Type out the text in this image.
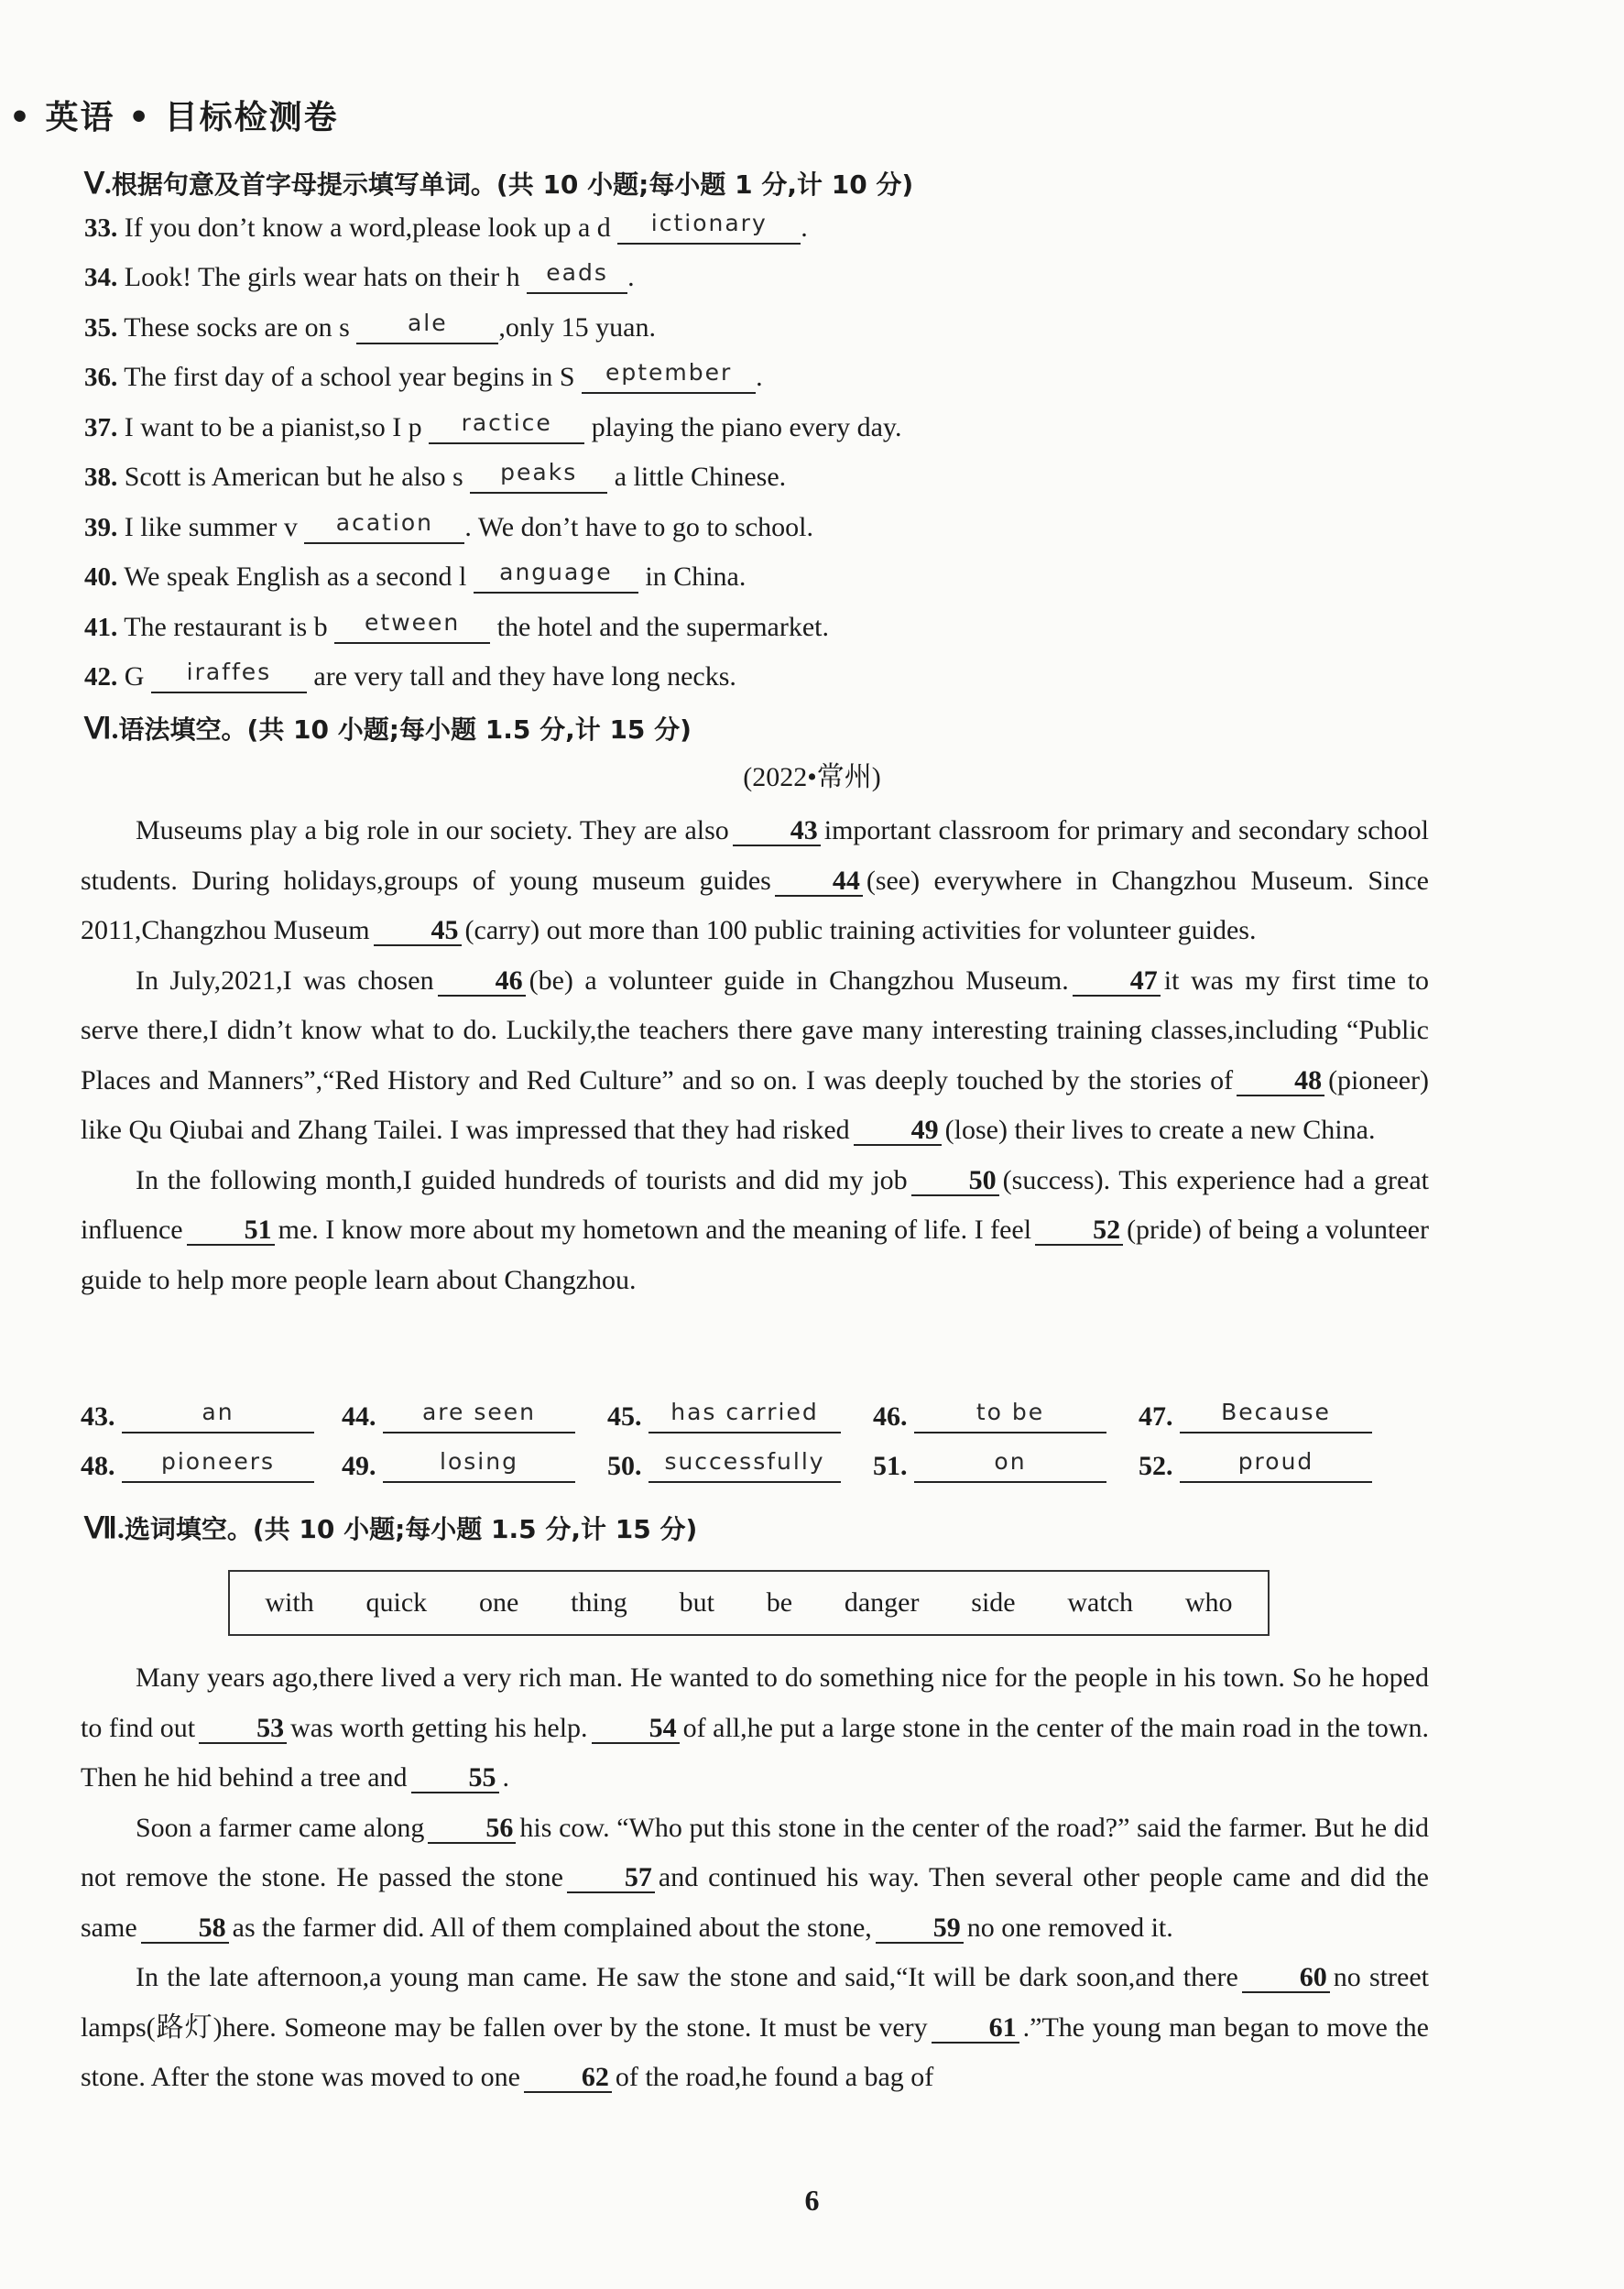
• 英语 • 目标检测卷
Ⅴ.根据句意及首字母提示填写单词。(共 10 小题;每小题 1 分,计 10 分)
33. If you don’t know a word,please look up a d $^{ictionary}$ .
34. Look! The girls wear hats on their h $^{eads}$ .
35. These socks are on s	$^{ale}$ ,only 15 yuan.
36. The first day of a school year begins in S $^{eptember}$ .
37. I want to be a pianist,so I p $^{ractice}$ playing the piano every day.
38. Scott is American but he also s $^{peaks}$ a little Chinese.
39. I like summer v $^{acation}$ . We don’t have to go to school.
40. We speak English as a second l $^{anguage}$ in China.
41. The restaurant is b $^{etween}$ the hotel and the supermarket.
42. G $^{iraffes}$ are very tall and they have long necks.
Ⅵ.语法填空。(共 10 小题;每小题 1.5 分,计 15 分)
(2022•常州)

Museums play a big role in our society. They are also 43 important classroom for primary and secondary school students. During holidays,groups of young museum guides 44 (see) everywhere in Changzhou Museum. Since 2011,Changzhou Museum 45 (carry) out more than 100 public training activities for volunteer guides.

In July,2021,I was chosen 46 (be) a volunteer guide in Changzhou Museum. 47 it was my first time to serve there,I didn’t know what to do. Luckily,the teachers there gave many interesting training classes,including “Public Places and Manners”,“Red History and Red Culture” and so on. I was deeply touched by the stories of 48 (pioneer) like Qu Qiubai and Zhang Tailei. I was impressed that they had risked 49 (lose) their lives to create a new China.

In the following month,I guided hundreds of tourists and did my job 50 (success). This experience had a great influence 51 me. I know more about my hometown and the meaning of life. I feel 52 (pride) of being a volunteer guide to help more people learn about Changzhou.

43.	$^{an}$	44. $^{are seen}$	45. $^{has carried}$	46.	$^{to be}$	47. $^{Because}$
48. $^{pioneers}$	49.	$^{losing}$	50. $^{successfully}$	51.	$^{on}$	52.	$^{proud}$
Ⅶ.选词填空。(共 10 小题;每小题 1.5 分,计 15 分)
with quick one thing but be danger side watch who

Many years ago,there lived a very rich man. He wanted to do something nice for the people in his town. So he hoped to find out 53 was worth getting his help. 54 of all,he put a large stone in the center of the main road in the town. Then he hid behind a tree and 55 .

Soon a farmer came along 56 his cow. “Who put this stone in the center of the road?” said the farmer. But he did not remove the stone. He passed the stone 57 and continued his way. Then several other people came and did the same 58 as the farmer did. All of them complained about the stone, 59 no one removed it.

In the late afternoon,a young man came. He saw the stone and said,“It will be dark soon,and there 60 no street lamps(路灯)here. Someone may be fallen over by the stone. It must be very 61 .”The young man began to move the stone. After the stone was moved to one 62 of the road,he found a bag of

6
